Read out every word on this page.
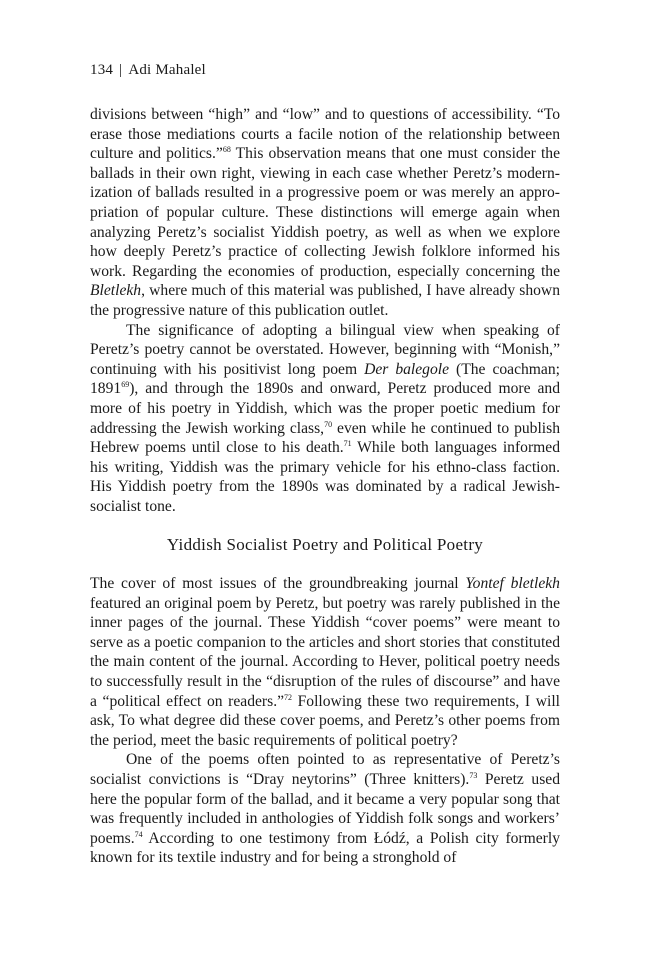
134 | Adi Mahalel

divisions between “high” and “low” and to questions of accessibility. “To erase those mediations courts a facile notion of the relationship between culture and politics.”$^{68}$ This observation means that one must consider the ballads in their own right, viewing in each case whether Peretz’s modernization of ballads resulted in a progressive poem or was merely an appropriation of popular culture. These distinctions will emerge again when analyzing Peretz’s socialist Yiddish poetry, as well as when we explore how deeply Peretz’s practice of collecting Jewish folklore informed his work. Regarding the economies of production, especially concerning the Bletlekh, where much of this material was published, I have already shown the progressive nature of this publication outlet.

The significance of adopting a bilingual view when speaking of Peretz’s poetry cannot be overstated. However, beginning with “Monish,” continuing with his positivist long poem Der balegole (The coachman; 1891$^{69}$), and through the 1890s and onward, Peretz produced more and more of his poetry in Yiddish, which was the proper poetic medium for addressing the Jewish working class,$^{70}$ even while he continued to publish Hebrew poems until close to his death.$^{71}$ While both languages informed his writing, Yiddish was the primary vehicle for his ethno-class faction. His Yiddish poetry from the 1890s was dominated by a radical Jewish-socialist tone.

Yiddish Socialist Poetry and Political Poetry

The cover of most issues of the groundbreaking journal Yontef bletlekh featured an original poem by Peretz, but poetry was rarely published in the inner pages of the journal. These Yiddish “cover poems” were meant to serve as a poetic companion to the articles and short stories that constituted the main content of the journal. According to Hever, political poetry needs to successfully result in the “disruption of the rules of discourse” and have a “political effect on readers.”$^{72}$ Following these two requirements, I will ask, To what degree did these cover poems, and Peretz’s other poems from the period, meet the basic requirements of political poetry?

One of the poems often pointed to as representative of Peretz’s socialist convictions is “Dray neytorins” (Three knitters).$^{73}$ Peretz used here the popular form of the ballad, and it became a very popular song that was frequently included in anthologies of Yiddish folk songs and workers’ poems.$^{74}$ According to one testimony from Łódź, a Polish city formerly known for its textile industry and for being a stronghold of
